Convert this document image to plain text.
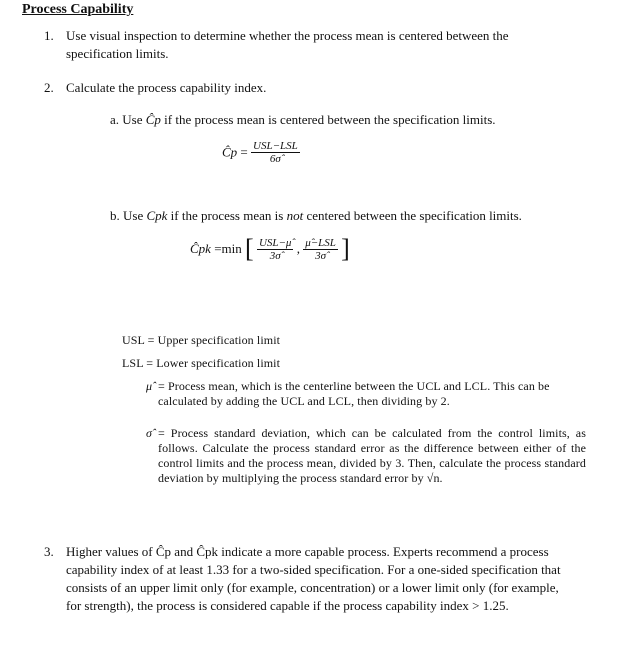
Process Capability
1. Use visual inspection to determine whether the process mean is centered between the specification limits.
2. Calculate the process capability index.
a. Use Ĉp if the process mean is centered between the specification limits.
Ĉp = $\frac{\text{USL−LSL}}{6\sigmâ}$
b. Use Cpk if the process mean is not centered between the specification limits.
Ĉpk =min [ $\frac{\text{USL−μ̂}}{3\sigmâ}$ , $\frac{\text{μ̂−LSL}}{3\sigmâ}$ ]
USL = Upper specification limit
LSL = Lower specification limit
μ̂ = Process mean, which is the centerline between the UCL and LCL. This can be calculated by adding the UCL and LCL, then dividing by 2.
σ̂ = Process standard deviation, which can be calculated from the control limits, as follows. Calculate the process standard error as the difference between either of the control limits and the process mean, divided by 3. Then, calculate the process standard deviation by multiplying the process standard error by √n.
3. Higher values of Ĉp and Ĉpk indicate a more capable process. Experts recommend a process capability index of at least 1.33 for a two-sided specification. For a one-sided specification that consists of an upper limit only (for example, concentration) or a lower limit only (for example, for strength), the process is considered capable if the process capability index > 1.25.
